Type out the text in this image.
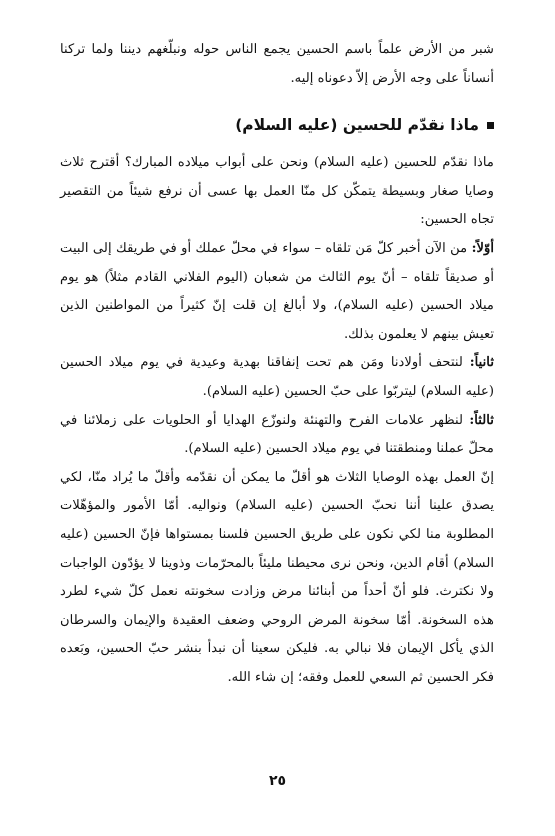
شبر من الأرض علماً باسم الحسين يجمع الناس حوله ونبلّغهم ديننا ولما تركنا أنساناً على وجه الأرض إلاّ دعوناه إليه.

ماذا نقدّم للحسين (عليه السلام)

ماذا نقدّم للحسين (عليه السلام) ونحن على أبواب ميلاده المبارك؟ أقترح ثلاث وصايا صغار وبسيطة يتمكّن كل منّا العمل بها عسى أن نرفع شيئاً من التقصير تجاه الحسين:

أوّلاً: من الآن أخبر كلّ مَن تلقاه – سواء في محلّ عملك أو في طريقك إلى البيت أو صديقاً تلقاه – أنّ يوم الثالث من شعبان (اليوم الفلاني القادم مثلاً) هو يوم ميلاد الحسين (عليه السلام)، ولا أبالغ إن قلت إنّ كثيراً من المواطنين الذين تعيش بينهم لا يعلمون بذلك.

ثانياً: لنتحف أولادنا ومَن هم تحت إنفاقنا بهدية وعيدية في يوم ميلاد الحسين (عليه السلام) ليتربّوا على حبّ الحسين (عليه السلام).

ثالثاً: لنظهر علامات الفرح والتهنئة ولنوزّع الهدايا أو الحلويات على زملائنا في محلّ عملنا ومنطقتنا في يوم ميلاد الحسين (عليه السلام).

إنّ العمل بهذه الوصايا الثلاث هو أقلّ ما يمكن أن نقدّمه وأقلّ ما يُراد منّا، لكي يصدق علينا أننا نحبّ الحسين (عليه السلام) ونواليه. أمّا الأمور والمؤهّلات المطلوبة منا لكي نكون على طريق الحسين فلسنا بمستواها فإنّ الحسين (عليه السلام) أقام الدين، ونحن نرى محيطنا مليئاً بالمحرّمات وذوينا لا يؤدّون الواجبات ولا نكترث. فلو أنّ أحداً من أبنائنا مرض وزادت سخونته نعمل كلّ شيء لطرد هذه السخونة. أمّا سخونة المرض الروحي وضعف العقيدة والإيمان والسرطان الذي يأكل الإيمان فلا نبالي به. فليكن سعينا أن نبدأ بنشر حبّ الحسين، وبَعده فكر الحسين ثم السعي للعمل وفقه؛ إن شاء الله.

٢٥
